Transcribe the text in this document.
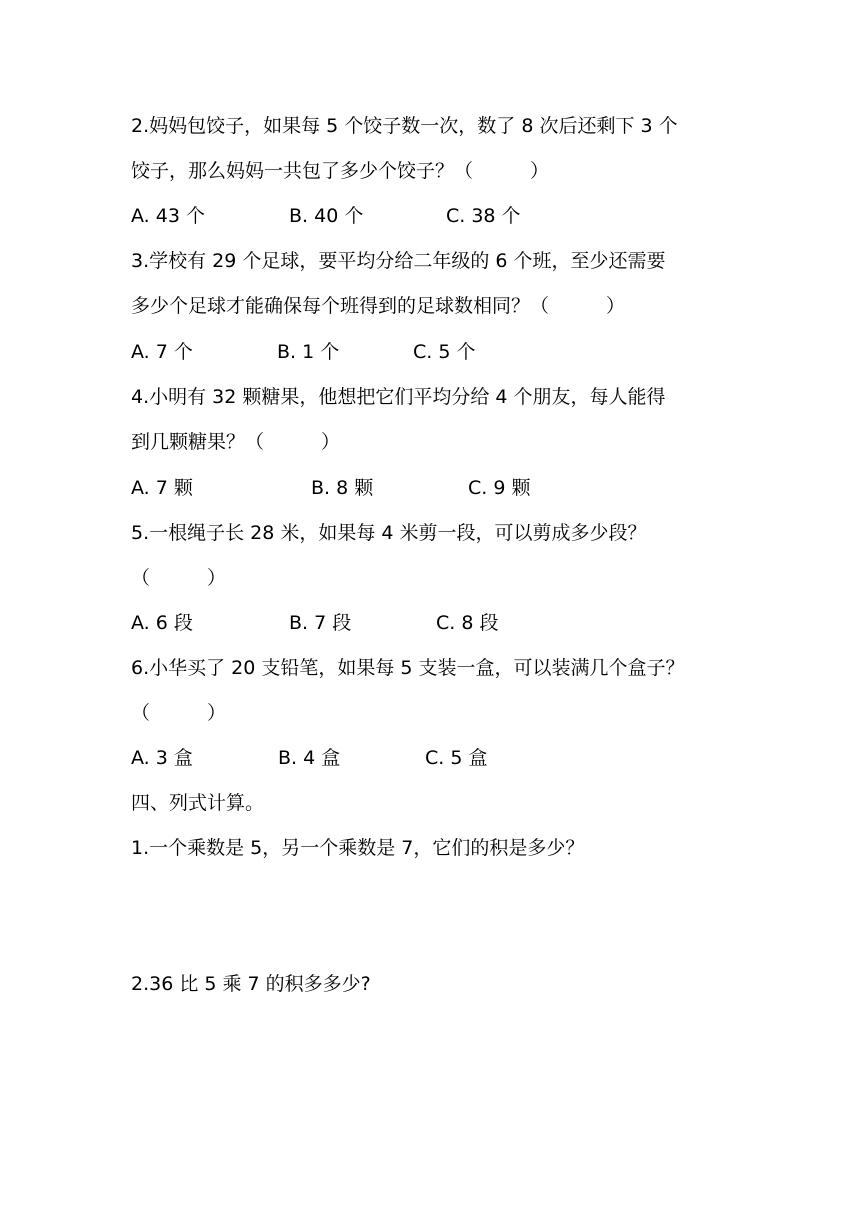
2.妈妈包饺子，如果每 5 个饺子数一次，数了 8 次后还剩下 3 个
饺子，那么妈妈一共包了多少个饺子？（　　　）
A. 43 个	B. 40 个	C. 38 个
3.学校有 29 个足球，要平均分给二年级的 6 个班，至少还需要
多少个足球才能确保每个班得到的足球数相同？（　　　）
A. 7 个	B. 1 个	C. 5 个
4.小明有 32 颗糖果，他想把它们平均分给 4 个朋友，每人能得
到几颗糖果？（　　　）
A. 7 颗	B. 8 颗	C. 9 颗
5.一根绳子长 28 米，如果每 4 米剪一段，可以剪成多少段？
（　　　）
A. 6 段	B. 7 段	C. 8 段
6.小华买了 20 支铅笔，如果每 5 支装一盒，可以装满几个盒子？
（　　　）
A. 3 盒	B. 4 盒	C. 5 盒
四、列式计算。
1.一个乘数是 5，另一个乘数是 7，它们的积是多少？
2.36 比 5 乘 7 的积多多少?
